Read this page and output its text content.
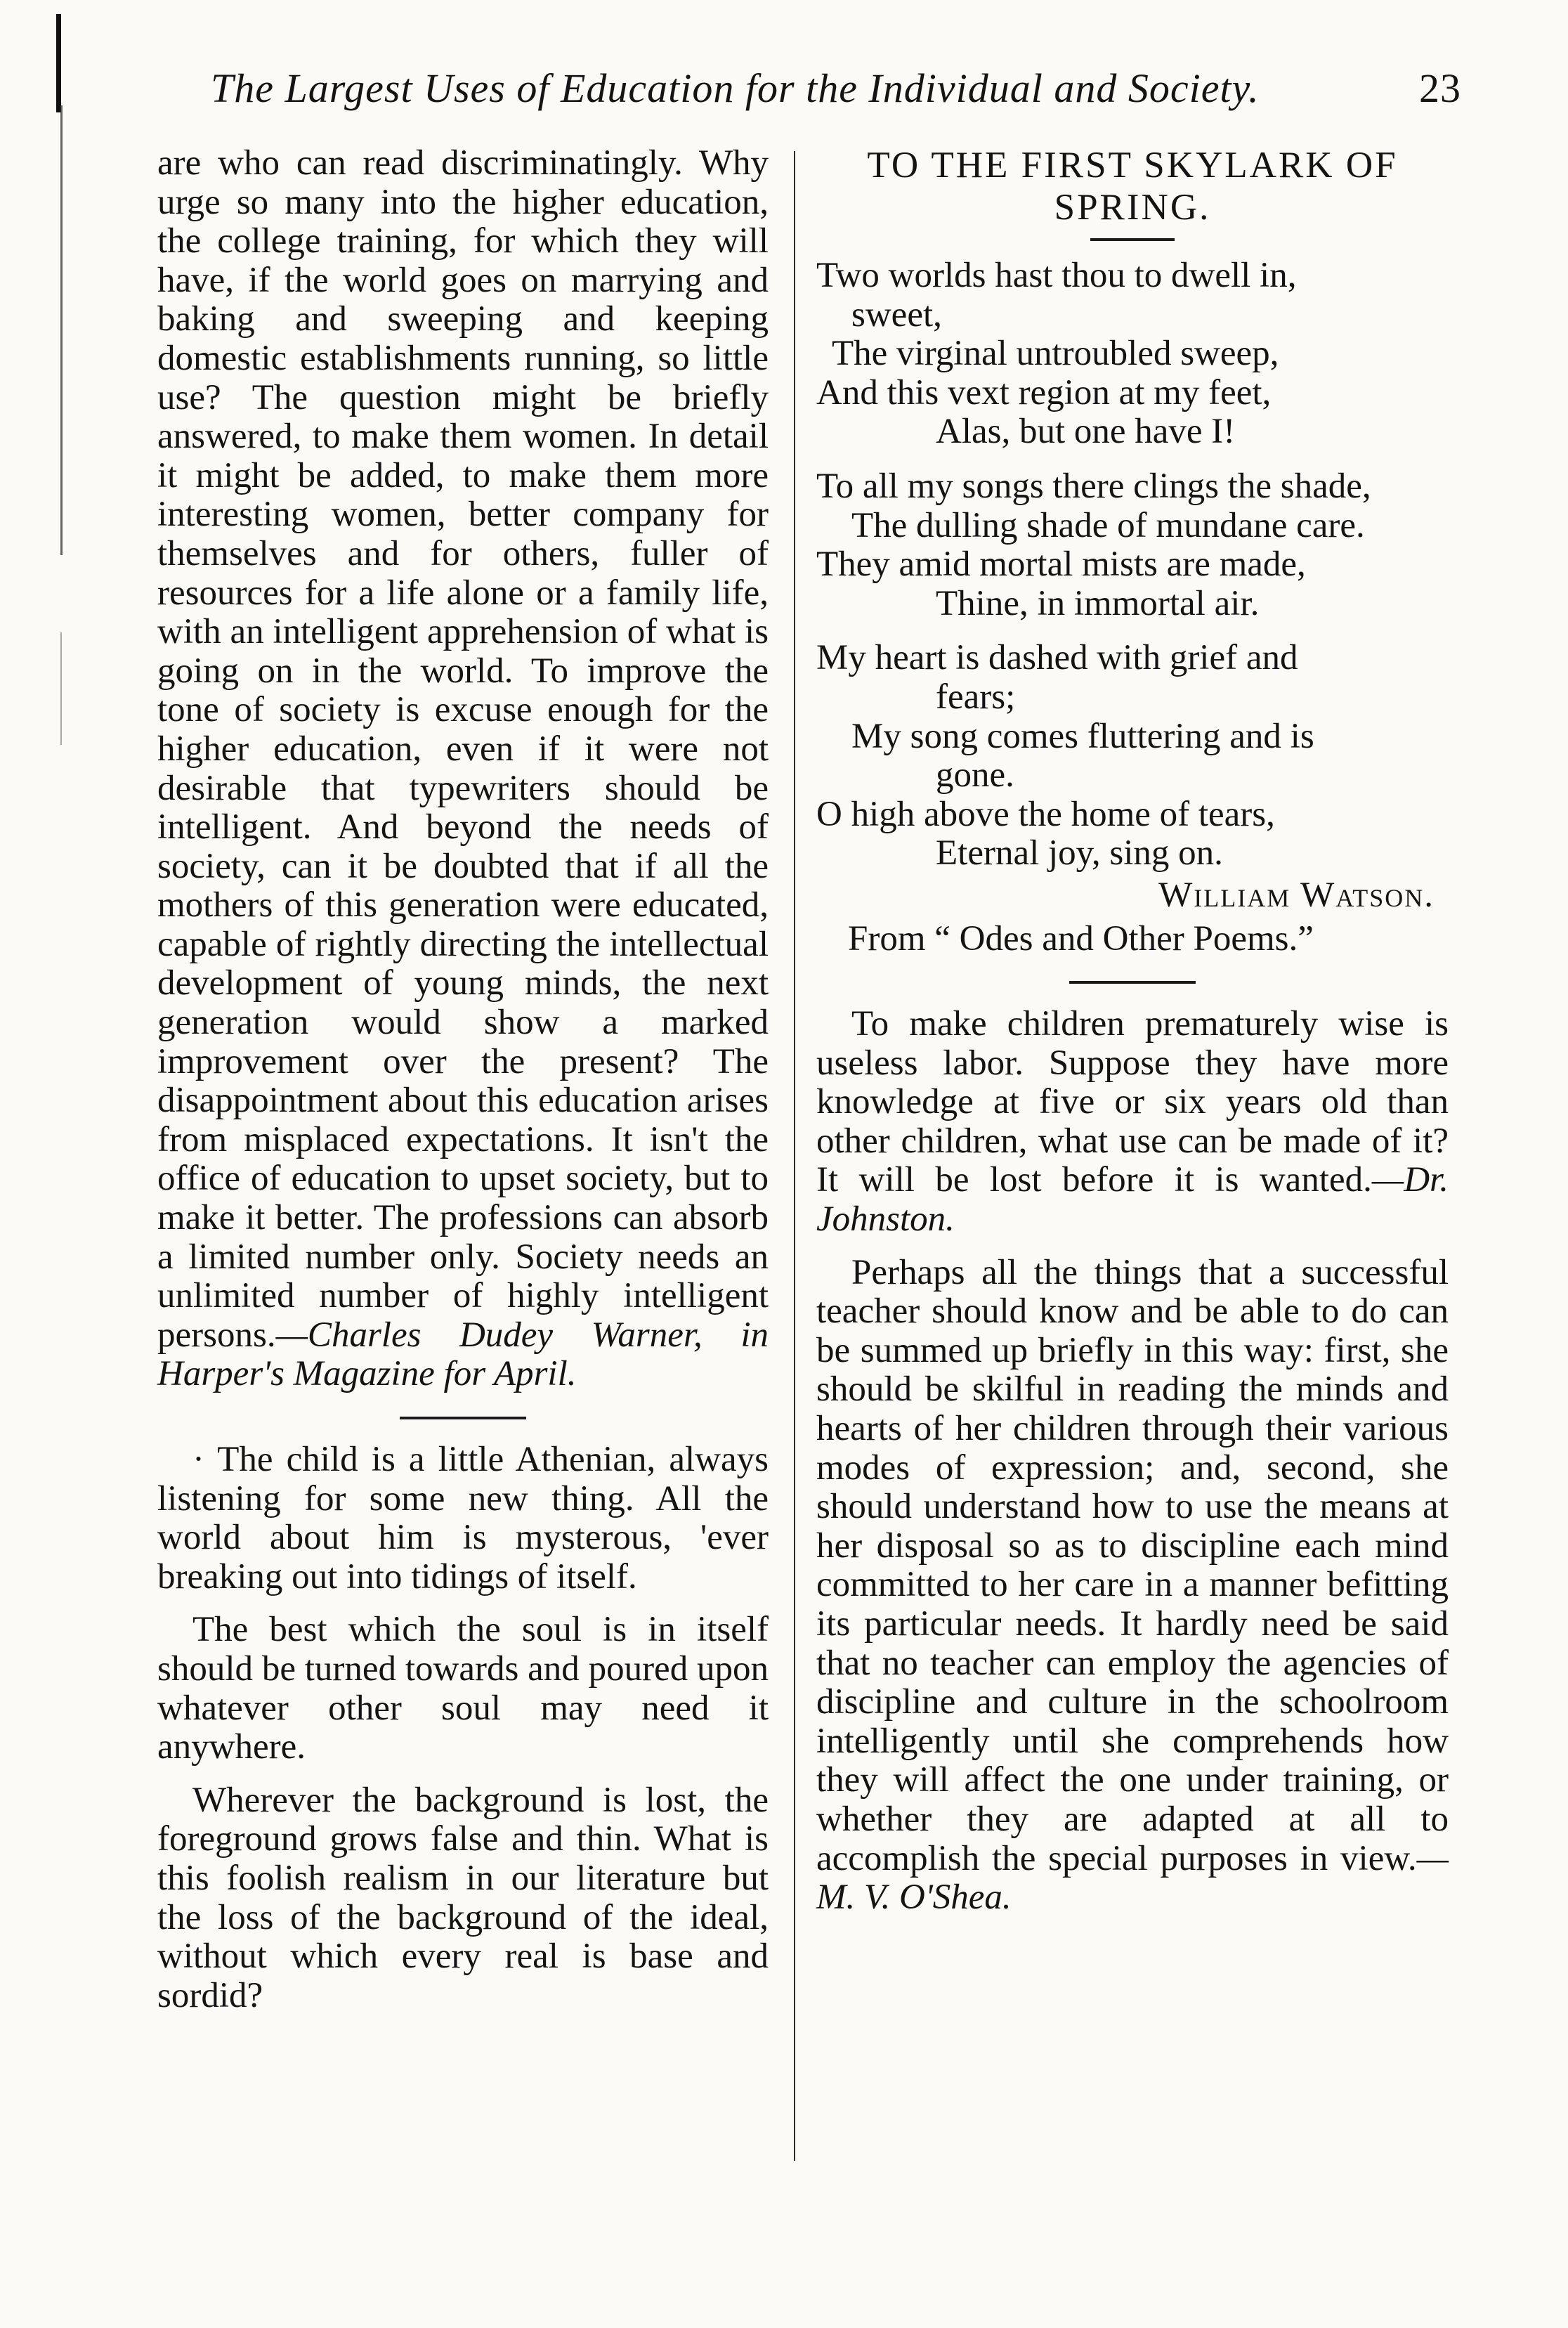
The Largest Uses of Education for the Individual and Society.	23

are who can read discriminatingly. Why urge so many into the higher education, the college training, for which they will have, if the world goes on marrying and baking and sweeping and keeping domestic establishments running, so little use? The question might be briefly answered, to make them women. In detail it might be added, to make them more interesting women, better company for themselves and for others, fuller of resources for a life alone or a family life, with an intelligent apprehension of what is going on in the world. To improve the tone of society is excuse enough for the higher education, even if it were not desirable that typewriters should be intelligent. And beyond the needs of society, can it be doubted that if all the mothers of this generation were educated, capable of rightly directing the intellectual development of young minds, the next generation would show a marked improvement over the present? The disappointment about this education arises from misplaced expectations. It isn't the office of education to upset society, but to make it better. The professions can absorb a limited number only. Society needs an unlimited number of highly intelligent persons.—Charles Dudey Warner, in Harper's Magazine for April.

· The child is a little Athenian, always listening for some new thing. All the world about him is mysterous, 'ever breaking out into tidings of itself.

The best which the soul is in itself should be turned towards and poured upon whatever other soul may need it anywhere.

Wherever the background is lost, the foreground grows false and thin. What is this foolish realism in our literature but the loss of the background of the ideal, without which every real is base and sordid?

TO THE FIRST SKYLARK OF
SPRING.
Two worlds hast thou to dwell in,
sweet,
The virginal untroubled sweep,
And this vext region at my feet,
Alas, but one have I!
To all my songs there clings the shade,
The dulling shade of mundane care.
They amid mortal mists are made,
Thine, in immortal air.
My heart is dashed with grief and
fears;
My song comes fluttering and is
gone.
O high above the home of tears,
Eternal joy, sing on.
William Watson.
From “ Odes and Other Poems.”

To make children prematurely wise is useless labor. Suppose they have more knowledge at five or six years old than other children, what use can be made of it? It will be lost before it is wanted.—Dr. Johnston.

Perhaps all the things that a successful teacher should know and be able to do can be summed up briefly in this way: first, she should be skilful in reading the minds and hearts of her children through their various modes of expression; and, second, she should understand how to use the means at her disposal so as to discipline each mind committed to her care in a manner befitting its particular needs. It hardly need be said that no teacher can employ the agencies of discipline and culture in the schoolroom intelligently until she comprehends how they will affect the one under training, or whether they are adapted at all to accomplish the special purposes in view.—M. V. O'Shea.
